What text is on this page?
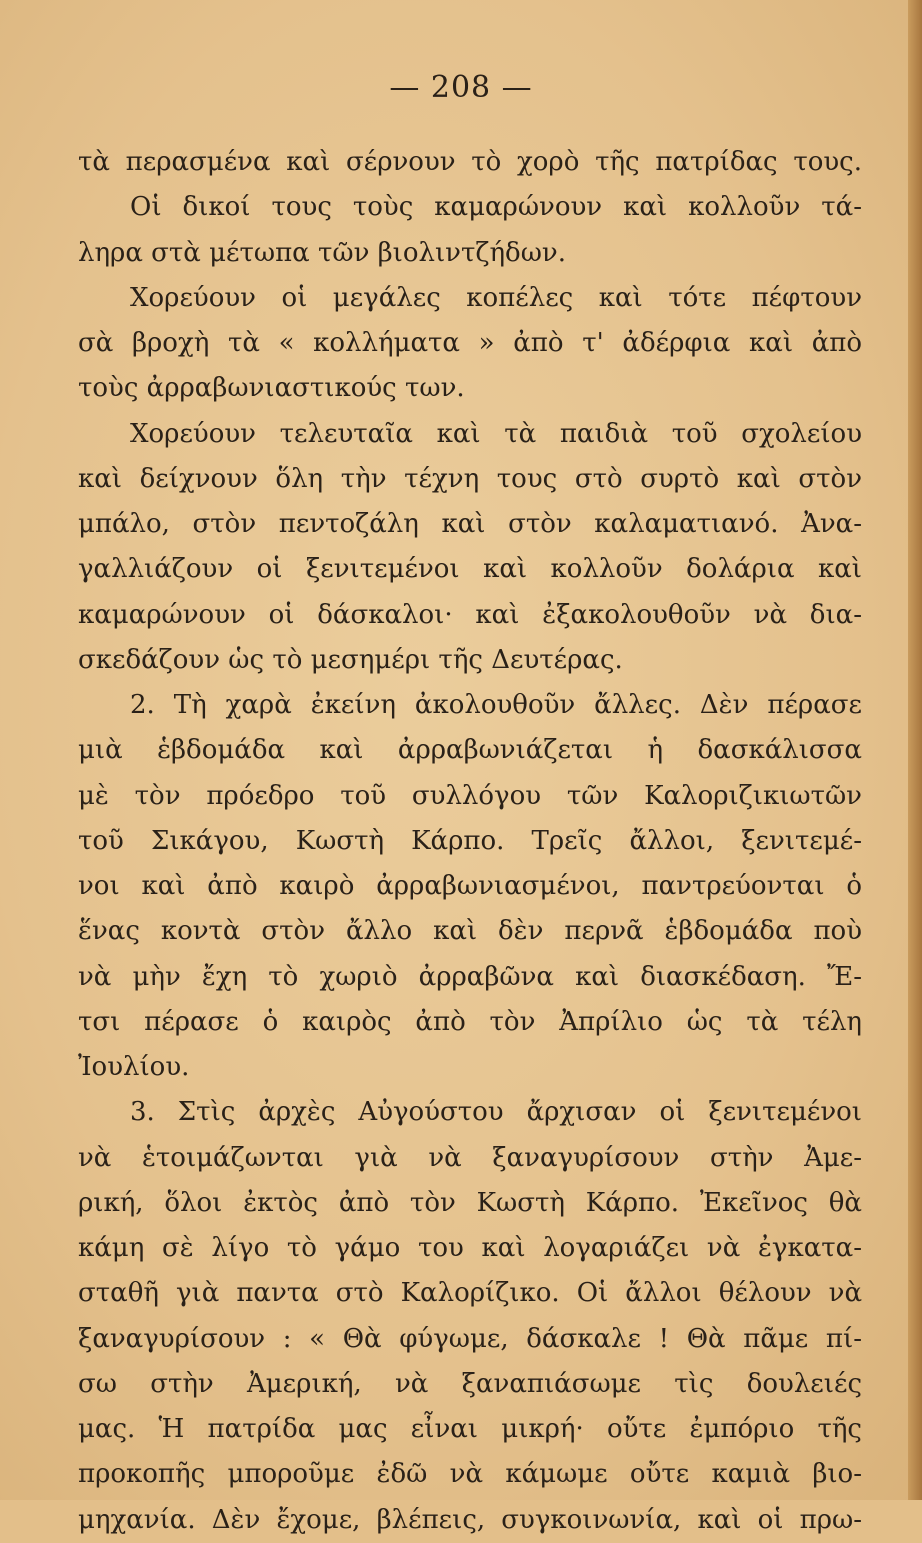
— 208 —
τὰ περασμένα καὶ σέρνουν τὸ χορὸ τῆς πατρίδας τους.
Οἱ δικοί τους τοὺς καμαρώνουν καὶ κολλοῦν τά-
ληρα στὰ μέτωπα τῶν βιολιντζήδων.
Χορεύουν οἱ μεγάλες κοπέλες καὶ τότε πέφτουν
σὰ βροχὴ τὰ « κολλήματα » ἀπὸ τ' ἀδέρφια καὶ ἀπὸ
τοὺς ἀρραβωνιαστικούς των.
Χορεύουν τελευταῖα καὶ τὰ παιδιὰ τοῦ σχολείου
καὶ δείχνουν ὅλη τὴν τέχνη τους στὸ συρτὸ καὶ στὸν
μπάλο, στὸν πεντοζάλη καὶ στὸν καλαματιανό. Ἀνα-
γαλλιάζουν οἱ ξενιτεμένοι καὶ κολλοῦν δολάρια καὶ
καμαρώνουν οἱ δάσκαλοι· καὶ ἐξακολουθοῦν νὰ δια-
σκεδάζουν ὡς τὸ μεσημέρι τῆς Δευτέρας.
2. Τὴ χαρὰ ἐκείνη ἀκολουθοῦν ἄλλες. Δὲν πέρασε
μιὰ ἑβδομάδα καὶ ἀρραβωνιάζεται ἡ δασκάλισσα
μὲ τὸν πρόεδρο τοῦ συλλόγου τῶν Καλοριζικιωτῶν
τοῦ Σικάγου, Κωστὴ Κάρπο. Τρεῖς ἄλλοι, ξενιτεμέ-
νοι καὶ ἀπὸ καιρὸ ἀρραβωνιασμένοι, παντρεύονται ὁ
ἕνας κοντὰ στὸν ἄλλο καὶ δὲν περνᾶ ἑβδομάδα ποὺ
νὰ μὴν ἔχη τὸ χωριὸ ἀρραβῶνα καὶ διασκέδαση. Ἔ-
τσι πέρασε ὁ καιρὸς ἀπὸ τὸν Ἀπρίλιο ὡς τὰ τέλη
Ἰουλίου.
3. Στὶς ἀρχὲς Αὐγούστου ἄρχισαν οἱ ξενιτεμένοι
νὰ ἑτοιμάζωνται γιὰ νὰ ξαναγυρίσουν στὴν Ἀμε-
ρική, ὅλοι ἐκτὸς ἀπὸ τὸν Κωστὴ Κάρπο. Ἐκεῖνος θὰ
κάμη σὲ λίγο τὸ γάμο του καὶ λογαριάζει νὰ ἐγκατα-
σταθῆ γιὰ παντα στὸ Καλορίζικο. Οἱ ἄλλοι θέλουν νὰ
ξαναγυρίσουν : « Θὰ φύγωμε, δάσκαλε ! Θὰ πᾶμε πί-
σω στὴν Ἀμερική, νὰ ξαναπιάσωμε τὶς δουλειές
μας. Ἡ πατρίδα μας εἶναι μικρή· οὔτε ἐμπόριο τῆς
προκοπῆς μποροῦμε ἐδῶ νὰ κάμωμε οὔτε καμιὰ βιο-
μηχανία. Δὲν ἔχομε, βλέπεις, συγκοινωνία, καὶ οἱ πρω-
